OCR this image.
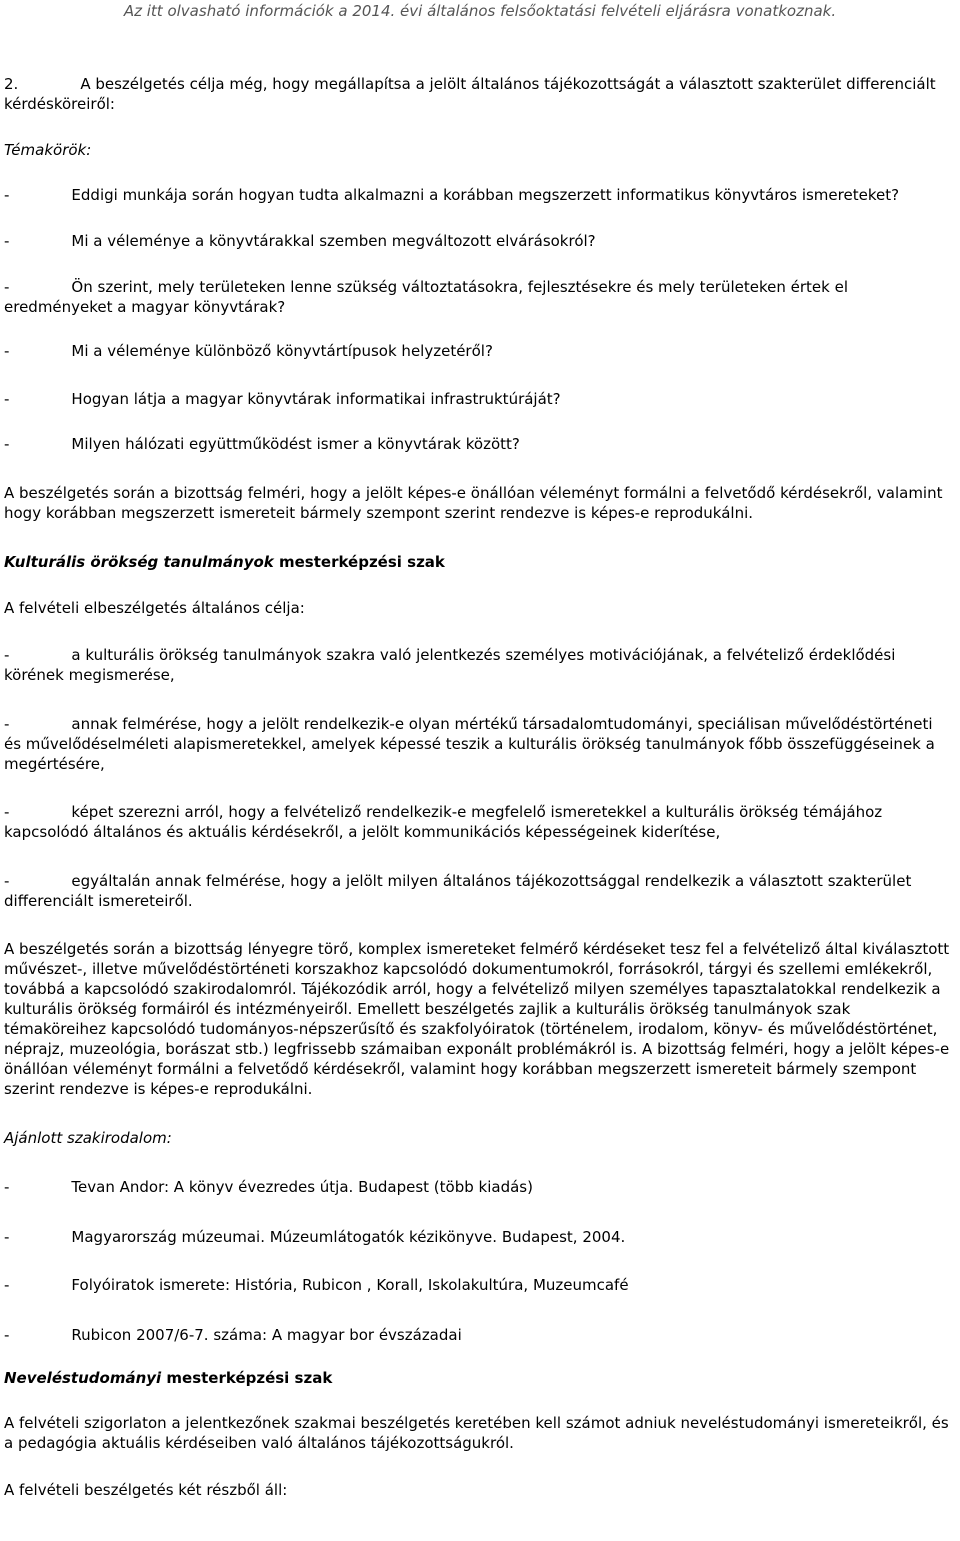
Az itt olvasható információk a 2014. évi általános felsőoktatási felvételi eljárásra vonatkoznak.

2.	A beszélgetés célja még, hogy megállapítsa a jelölt általános tájékozottságát a választott szakterület differenciált kérdésköreiről:

Témakörök:

-	Eddigi munkája során hogyan tudta alkalmazni a korábban megszerzett informatikus könyvtáros ismereteket?

-	Mi a véleménye a könyvtárakkal szemben megváltozott elvárásokról?

-	Ön szerint, mely területeken lenne szükség változtatásokra, fejlesztésekre és mely területeken értek el eredményeket a magyar könyvtárak?

-	Mi a véleménye különböző könyvtártípusok helyzetéről?

-	Hogyan látja a magyar könyvtárak informatikai infrastruktúráját?

-	Milyen hálózati együttműködést ismer a könyvtárak között?

A beszélgetés során a bizottság felméri, hogy a jelölt képes-e önállóan véleményt formálni a felvetődő kérdésekről, valamint hogy korábban megszerzett ismereteit bármely szempont szerint rendezve is képes-e reprodukálni.

Kulturális örökség tanulmányok mesterképzési szak

A felvételi elbeszélgetés általános célja:

-	a kulturális örökség tanulmányok szakra való jelentkezés személyes motivációjának, a felvételiző érdeklődési körének megismerése,

-	annak felmérése, hogy a jelölt rendelkezik-e olyan mértékű társadalomtudományi, speciálisan művelődéstörténeti és művelődéselméleti alapismeretekkel, amelyek képessé teszik a kulturális örökség tanulmányok főbb összefüggéseinek a megértésére,

-	képet szerezni arról, hogy a felvételiző rendelkezik-e megfelelő ismeretekkel a kulturális örökség témájához kapcsolódó általános és aktuális kérdésekről, a jelölt kommunikációs képességeinek kiderítése,

-	egyáltalán annak felmérése, hogy a jelölt milyen általános tájékozottsággal rendelkezik a választott szakterület differenciált ismereteiről.

A beszélgetés során a bizottság lényegre törő, komplex ismereteket felmérő kérdéseket tesz fel a felvételiző által kiválasztott művészet-, illetve művelődéstörténeti korszakhoz kapcsolódó dokumentumokról, forrásokról, tárgyi és szellemi emlékekről, továbbá a kapcsolódó szakirodalomról. Tájékozódik arról, hogy a felvételiző milyen személyes tapasztalatokkal rendelkezik a kulturális örökség formáiról és intézményeiről. Emellett beszélgetés zajlik a kulturális örökség tanulmányok szak témaköreihez kapcsolódó tudományos-népszerűsítő és szakfolyóiratok (történelem, irodalom, könyv- és művelődéstörténet, néprajz, muzeológia, borászat stb.) legfrissebb számaiban exponált problémákról is. A bizottság felméri, hogy a jelölt képes-e önállóan véleményt formálni a felvetődő kérdésekről, valamint hogy korábban megszerzett ismereteit bármely szempont szerint rendezve is képes-e reprodukálni.

Ajánlott szakirodalom:

-	Tevan Andor: A könyv évezredes útja. Budapest (több kiadás)

-	Magyarország múzeumai. Múzeumlátogatók kézikönyve. Budapest, 2004.

-	Folyóiratok ismerete: História, Rubicon , Korall, Iskolakultúra, Muzeumcafé

-	Rubicon 2007/6-7. száma: A magyar bor évszázadai

Neveléstudományi mesterképzési szak

A felvételi szigorlaton a jelentkezőnek szakmai beszélgetés keretében kell számot adniuk neveléstudományi ismereteikről, és a pedagógia aktuális kérdéseiben való általános tájékozottságukról.

A felvételi beszélgetés két részből áll:
